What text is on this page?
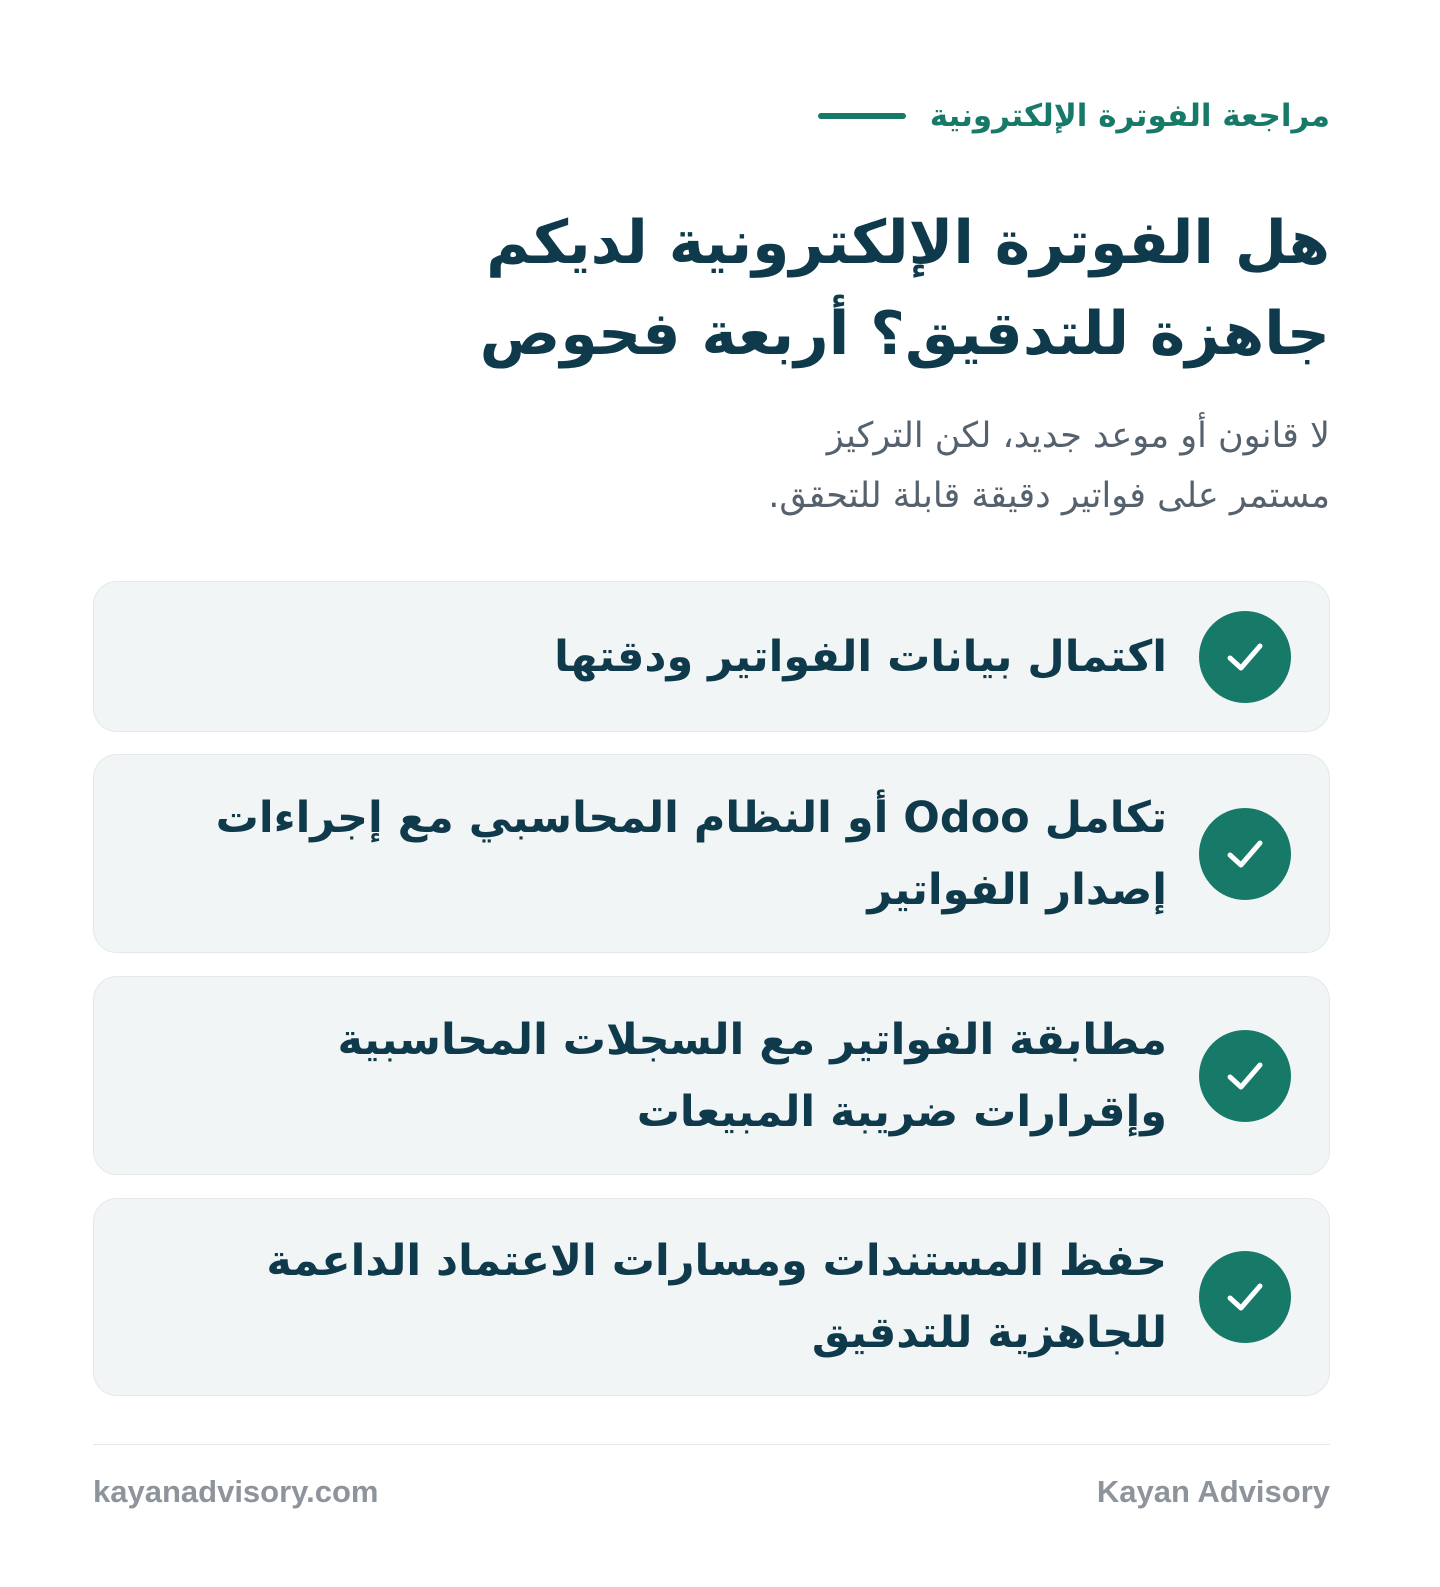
مراجعة الفوترة الإلكترونية
هل الفوترة الإلكترونية لديكم
جاهزة للتدقيق؟ أربعة فحوص

لا قانون أو موعد جديد، لكن التركيز
مستمر على فواتير دقيقة قابلة للتحقق.

اكتمال بيانات الفواتير ودقتها

تكامل Odoo أو النظام المحاسبي مع إجراءات إصدار الفواتير

مطابقة الفواتير مع السجلات المحاسبية وإقرارات ضريبة المبيعات

حفظ المستندات ومسارات الاعتماد الداعمة للجاهزية للتدقيق

kayanadvisory.com	Kayan Advisory
